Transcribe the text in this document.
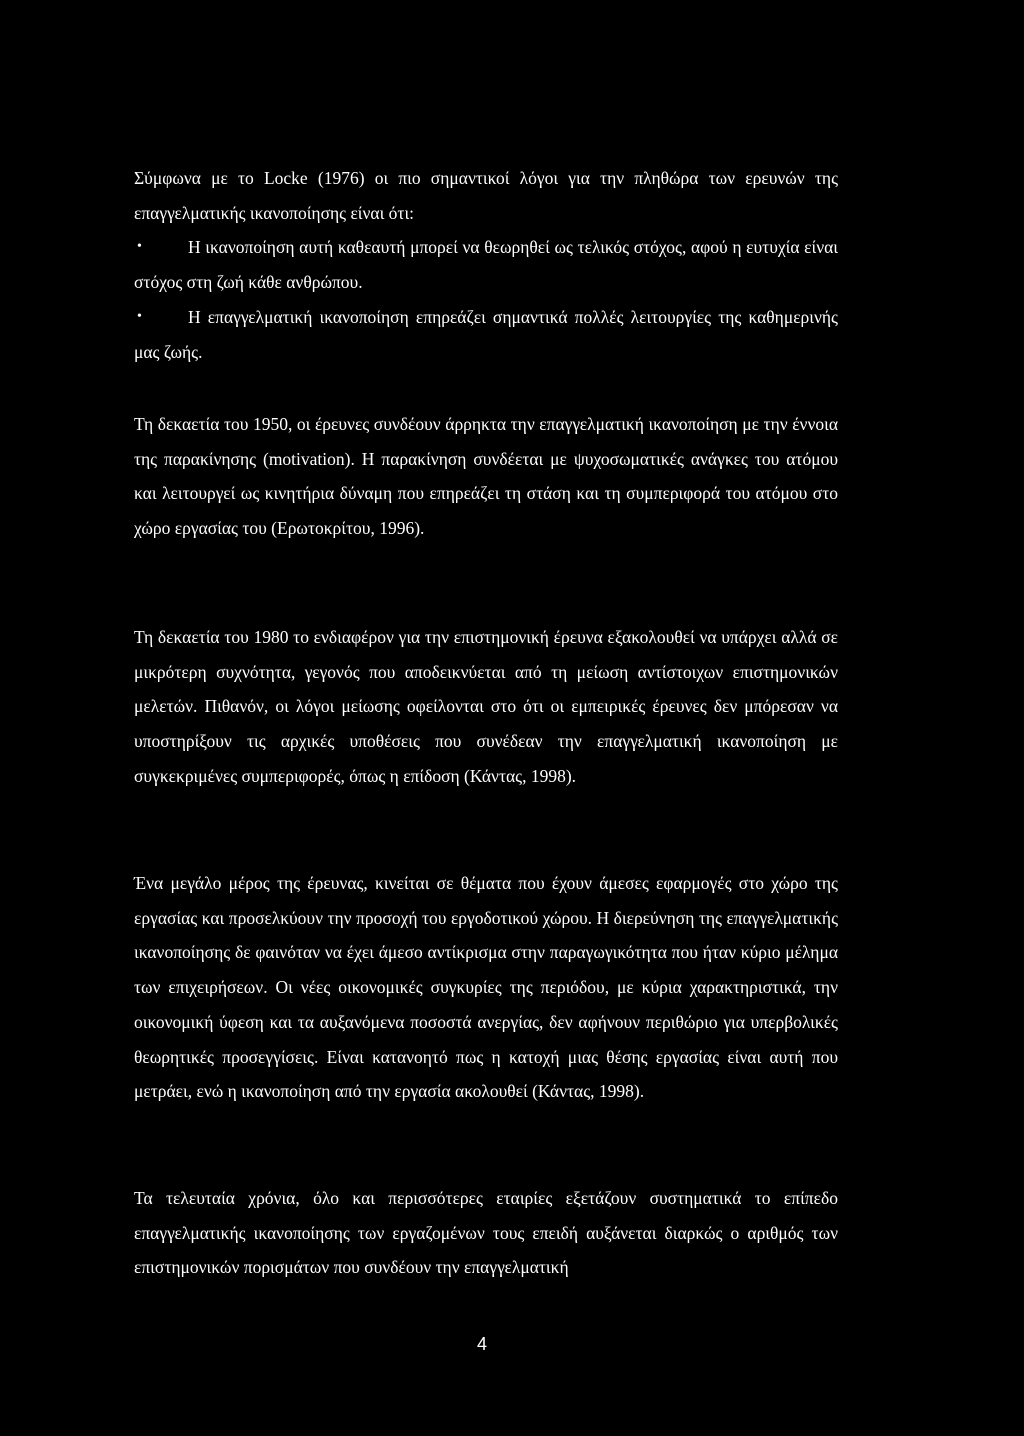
Σύμφωνα με το Locke (1976) οι πιο σημαντικοί λόγοι για την πληθώρα των ερευνών της επαγγελματικής ικανοποίησης είναι ότι:
•	Η ικανοποίηση αυτή καθεαυτή μπορεί να θεωρηθεί ως τελικός στόχος, αφού η ευτυχία είναι στόχος στη ζωή κάθε ανθρώπου.
•	Η επαγγελματική ικανοποίηση επηρεάζει σημαντικά πολλές λειτουργίες της καθημερινής μας ζωής.
Τη δεκαετία του 1950, οι έρευνες συνδέουν άρρηκτα την επαγγελματική ικανοποίηση με την έννοια της παρακίνησης (motivation). Η παρακίνηση συνδέεται με ψυχοσωματικές ανάγκες του ατόμου και λειτουργεί ως κινητήρια δύναμη που επηρεάζει τη στάση και τη συμπεριφορά του ατόμου στο χώρο εργασίας του (Ερωτοκρίτου, 1996).
Τη δεκαετία του 1980 το ενδιαφέρον για την επιστημονική έρευνα εξακολουθεί να υπάρχει αλλά σε μικρότερη συχνότητα, γεγονός που αποδεικνύεται από τη μείωση αντίστοιχων επιστημονικών μελετών. Πιθανόν, οι λόγοι μείωσης οφείλονται στο ότι οι εμπειρικές έρευνες δεν μπόρεσαν να υποστηρίξουν τις αρχικές υποθέσεις που συνέδεαν την επαγγελματική ικανοποίηση με συγκεκριμένες συμπεριφορές, όπως η επίδοση (Κάντας, 1998).
Ένα μεγάλο μέρος της έρευνας, κινείται σε θέματα που έχουν άμεσες εφαρμογές στο χώρο της εργασίας και προσελκύουν την προσοχή του εργοδοτικού χώρου. Η διερεύνηση της επαγγελματικής ικανοποίησης δε φαινόταν να έχει άμεσο αντίκρισμα στην παραγωγικότητα που ήταν κύριο μέλημα των επιχειρήσεων. Οι νέες οικονομικές συγκυρίες της περιόδου, με κύρια χαρακτηριστικά, την οικονομική ύφεση και τα αυξανόμενα ποσοστά ανεργίας, δεν αφήνουν περιθώριο για υπερβολικές θεωρητικές προσεγγίσεις. Είναι κατανοητό πως η κατοχή μιας θέσης εργασίας είναι αυτή που μετράει, ενώ η ικανοποίηση από την εργασία ακολουθεί (Κάντας, 1998).
Τα τελευταία χρόνια, όλο και περισσότερες εταιρίες εξετάζουν συστηματικά το επίπεδο επαγγελματικής ικανοποίησης των εργαζομένων τους επειδή αυξάνεται διαρκώς ο αριθμός των επιστημονικών πορισμάτων που συνδέουν την επαγγελματική
4
